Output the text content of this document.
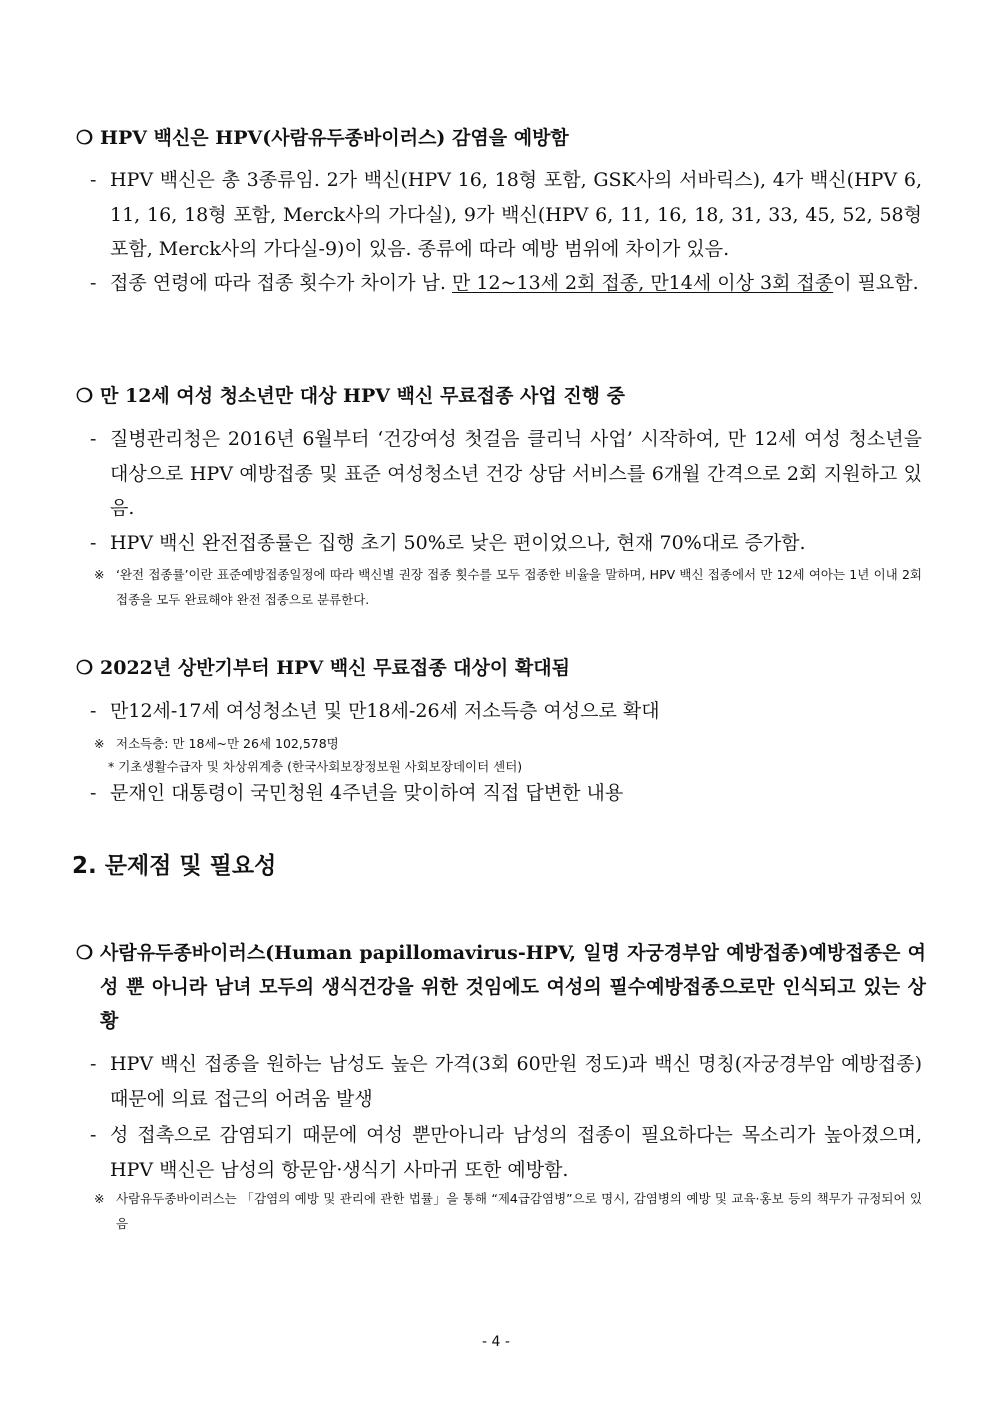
❍ HPV 백신은 HPV(사람유두종바이러스) 감염을 예방함
- HPV 백신은 총 3종류임. 2가 백신(HPV 16, 18형 포함, GSK사의 서바릭스), 4가 백신(HPV 6, 11, 16, 18형 포함, Merck사의 가다실), 9가 백신(HPV 6, 11, 16, 18, 31, 33, 45, 52, 58형 포함, Merck사의 가다실-9)이 있음. 종류에 따라 예방 범위에 차이가 있음.
- 접종 연령에 따라 접종 횟수가 차이가 남. 만 12~13세 2회 접종, 만14세 이상 3회 접종이 필요함.
❍ 만 12세 여성 청소년만 대상 HPV 백신 무료접종 사업 진행 중
- 질병관리청은 2016년 6월부터 ‘건강여성 첫걸음 클리닉 사업’ 시작하여, 만 12세 여성 청소년을 대상으로 HPV 예방접종 및 표준 여성청소년 건강 상담 서비스를 6개월 간격으로 2회 지원하고 있음.
- HPV 백신 완전접종률은 집행 초기 50%로 낮은 편이었으나, 현재 70%대로 증가함.
※ ‘완전 접종률’이란 표준예방접종일정에 따라 백신별 권장 접종 횟수를 모두 접종한 비율을 말하며, HPV 백신 접종에서 만 12세 여아는 1년 이내 2회 접종을 모두 완료해야 완전 접종으로 분류한다.
❍ 2022년 상반기부터 HPV 백신 무료접종 대상이 확대됨
- 만12세-17세 여성청소년 및 만18세-26세 저소득층 여성으로 확대
※ 저소득층: 만 18세~만 26세 102,578명
* 기초생활수급자 및 차상위계층 (한국사회보장정보원 사회보장데이터 센터)
- 문재인 대통령이 국민청원 4주년을 맞이하여 직접 답변한 내용
2. 문제점 및 필요성
❍ 사람유두종바이러스(Human papillomavirus-HPV, 일명 자궁경부암 예방접종)예방접종은 여성 뿐 아니라 남녀 모두의 생식건강을 위한 것임에도 여성의 필수예방접종으로만 인식되고 있는 상황
- HPV 백신 접종을 원하는 남성도 높은 가격(3회 60만원 정도)과 백신 명칭(자궁경부암 예방접종) 때문에 의료 접근의 어려움 발생
- 성 접촉으로 감염되기 때문에 여성 뿐만아니라 남성의 접종이 필요하다는 목소리가 높아졌으며, HPV 백신은 남성의 항문암·생식기 사마귀 또한 예방함.
※ 사람유두종바이러스는 「감염의 예방 및 관리에 관한 법률」을 통해 “제4급감염병”으로 명시, 감염병의 예방 및 교육·홍보 등의 책무가 규정되어 있음
- 4 -
